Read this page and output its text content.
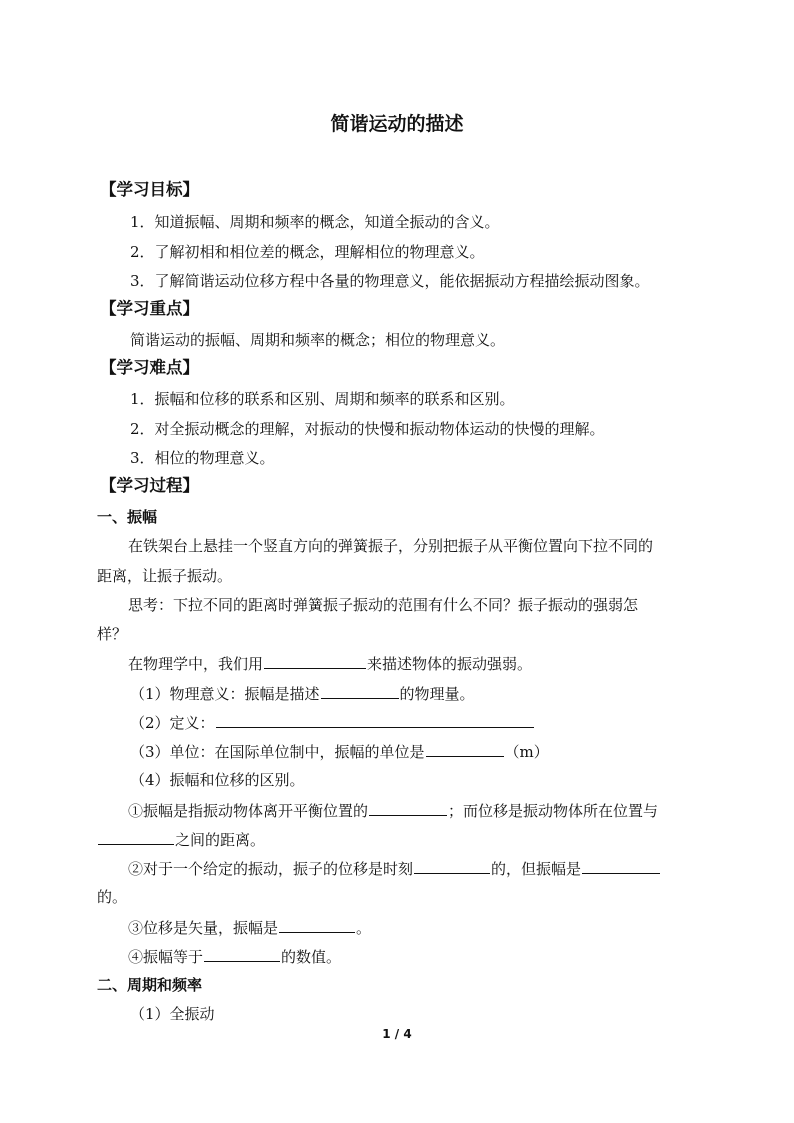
简谐运动的描述
【学习目标】
1．知道振幅、周期和频率的概念，知道全振动的含义。
2．了解初相和相位差的概念，理解相位的物理意义。
3．了解简谐运动位移方程中各量的物理意义，能依据振动方程描绘振动图象。
【学习重点】
简谐运动的振幅、周期和频率的概念；相位的物理意义。
【学习难点】
1．振幅和位移的联系和区别、周期和频率的联系和区别。
2．对全振动概念的理解，对振动的快慢和振动物体运动的快慢的理解。
3．相位的物理意义。
【学习过程】
一、振幅
在铁架台上悬挂一个竖直方向的弹簧振子，分别把振子从平衡位置向下拉不同的
距离，让振子振动。
思考：下拉不同的距离时弹簧振子振动的范围有什么不同？振子振动的强弱怎
样？
在物理学中，我们用	来描述物体的振动强弱。
（1）物理意义：振幅是描述	的物理量。
（2）定义：
（3）单位：在国际单位制中，振幅的单位是	（m）
（4）振幅和位移的区别。
①振幅是指振动物体离开平衡位置的	；而位移是振动物体所在位置与
之间的距离。
②对于一个给定的振动，振子的位移是时刻	的，但振幅是
的。
③位移是矢量，振幅是	。
④振幅等于	的数值。
二、周期和频率
（1）全振动
1 / 4
